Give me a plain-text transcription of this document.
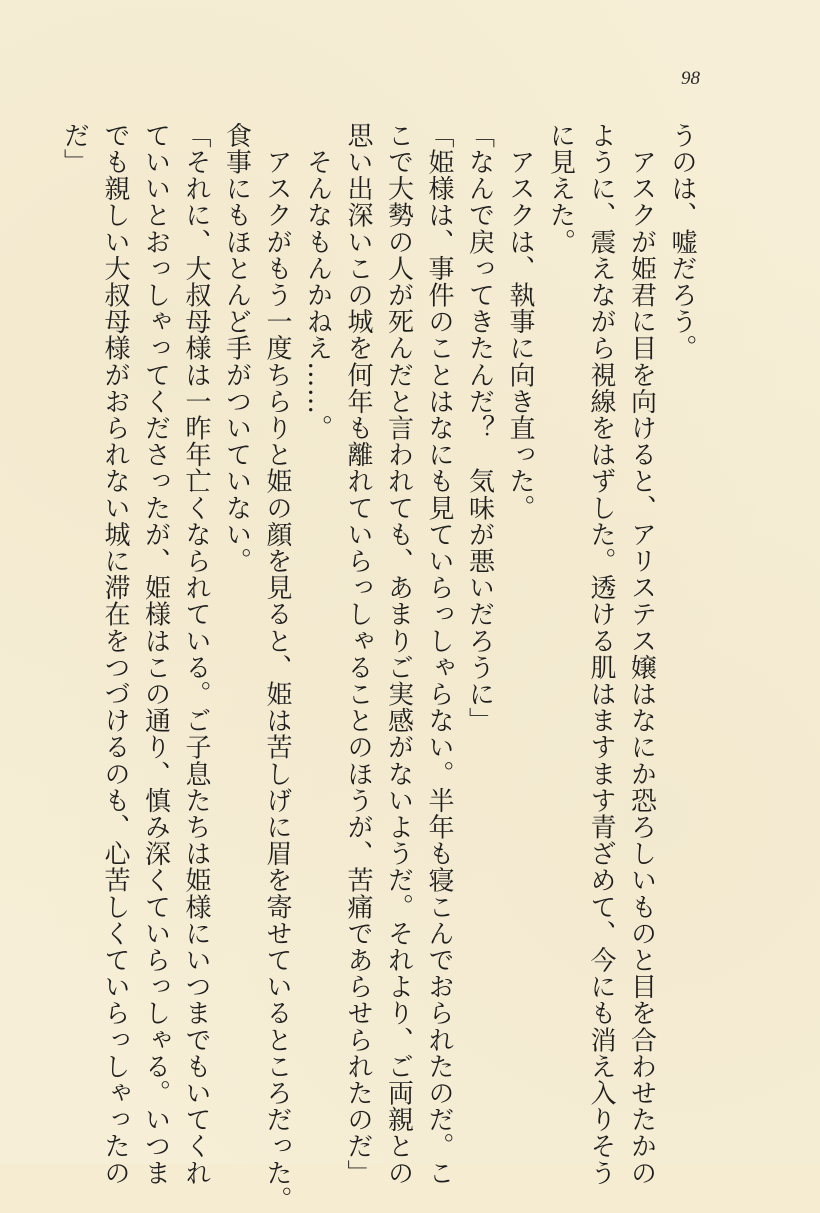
98
うのは、嘘だろう。
　アスクが姫君に目を向けると、アリステス嬢はなにか恐ろしいものと目を合わせたかの
ように、震えながら視線をはずした。透ける肌はますます青ざめて、今にも消え入りそう
に見えた。
　アスクは、執事に向き直った。
「なんで戻ってきたんだ？　気味が悪いだろうに」
「姫様は、事件のことはなにも見ていらっしゃらない。半年も寝こんでおられたのだ。こ
こで大勢の人が死んだと言われても、あまりご実感がないようだ。それより、ご両親との
思い出深いこの城を何年も離れていらっしゃることのほうが、苦痛であらせられたのだ」
　そんなもんかねえ……。
　アスクがもう一度ちらりと姫の顔を見ると、姫は苦しげに眉を寄せているところだった。
食事にもほとんど手がついていない。
「それに、大叔母様は一昨年亡くなられている。ご子息たちは姫様にいつまでもいてくれ
ていいとおっしゃってくださったが、姫様はこの通り、慎み深くていらっしゃる。いつま
でも親しい大叔母様がおられない城に滞在をつづけるのも、心苦しくていらっしゃったの
だ」
